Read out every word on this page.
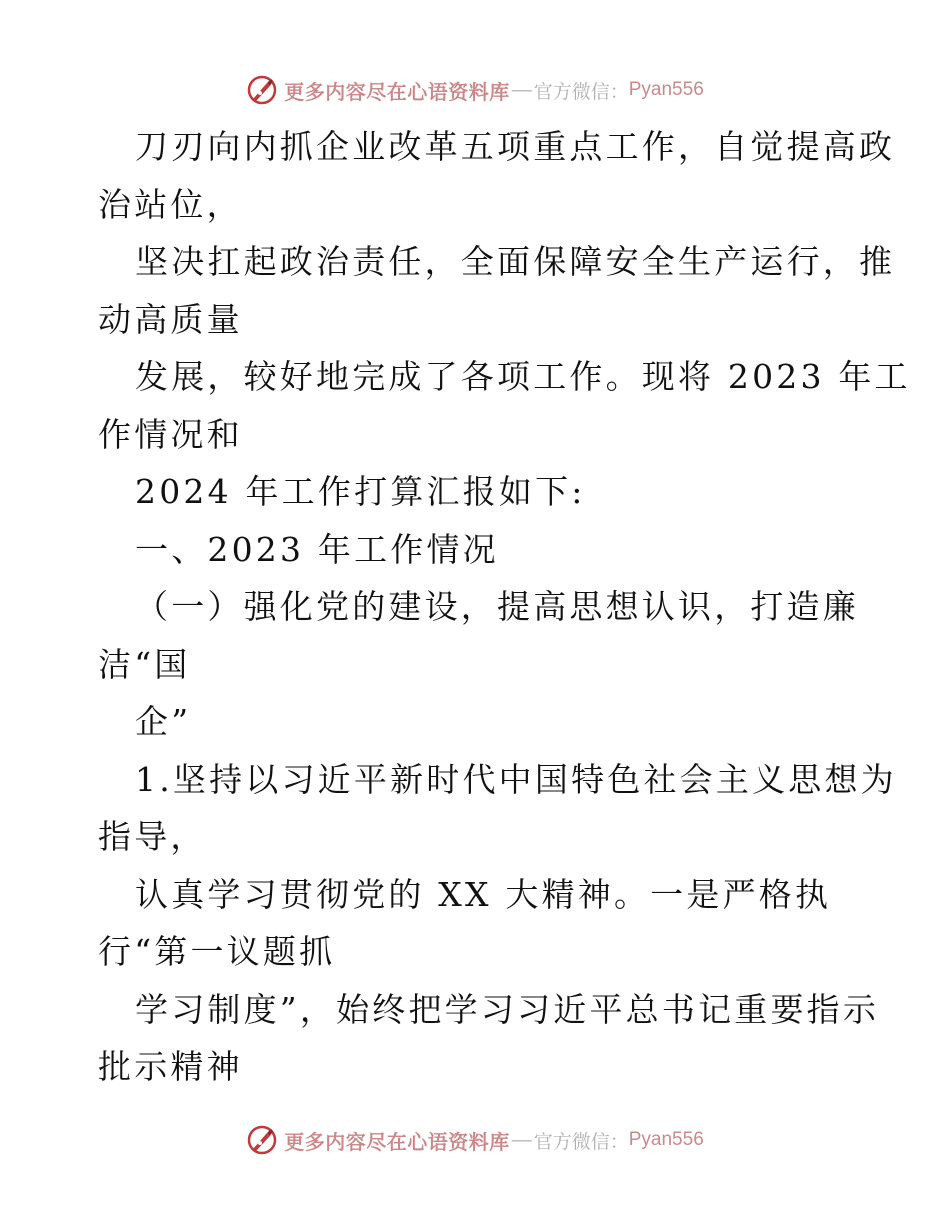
更多内容尽在心语资料库 — 官方微信： Pyan556
刀刃向内抓企业改革五项重点工作，自觉提高政
治站位，
坚决扛起政治责任，全面保障安全生产运行，推
动高质量
发展，较好地完成了各项工作。现将 2023 年工
作情况和
2024 年工作打算汇报如下:
一、2023 年工作情况
（一）强化党的建设，提高思想认识，打造廉
洁“国
企”
1.坚持以习近平新时代中国特色社会主义思想为
指导，
认真学习贯彻党的 XX 大精神。一是严格执
行“第一议题抓
学习制度”，始终把学习习近平总书记重要指示
批示精神
更多内容尽在心语资料库 — 官方微信： Pyan556
